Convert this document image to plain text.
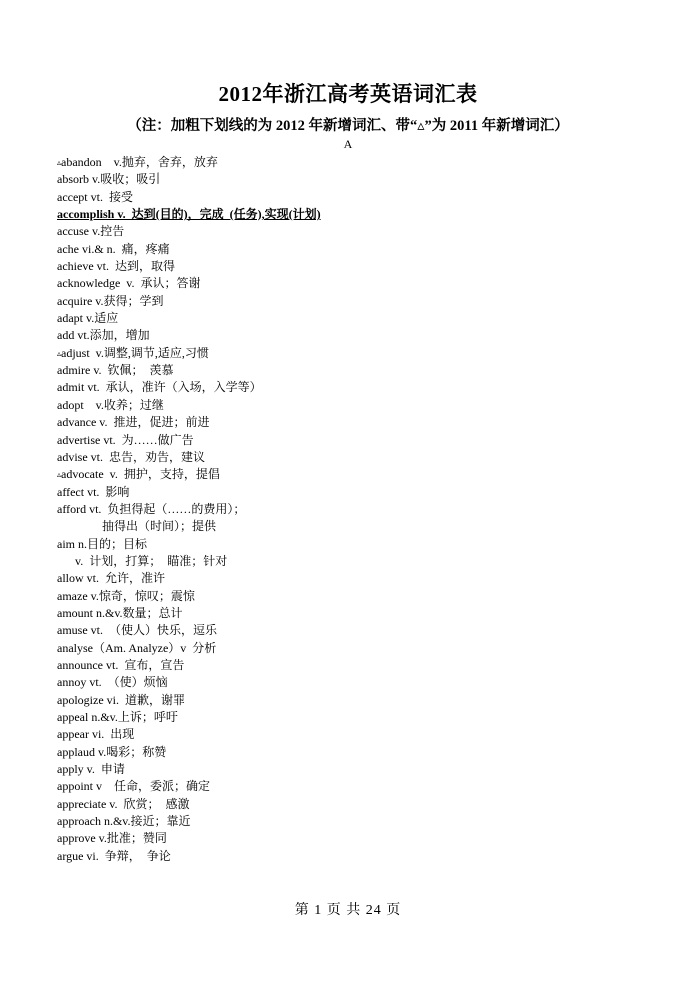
2012年浙江高考英语词汇表
（注：加粗下划线的为 2012 年新增词汇、带“▵”为 2011 年新增词汇）
A
▵abandon    v.抛弃，舍弃，放弃
absorb v.吸收；吸引
accept vt.  接受
accomplish v.  达到(目的)，完成  (任务),实现(计划)
accuse v.控告
ache vi.& n.  痛，疼痛
achieve vt.  达到，取得
acknowledge  v.  承认；答谢
acquire v.获得；学到
adapt v.适应
add vt.添加，增加
▵adjust  v.调整,调节,适应,习惯
admire v.  钦佩；  羡慕
admit vt.  承认，准许（入场，入学等）
adopt    v.收养；过继
advance v.  推进，促进；前进
advertise vt.  为……做广告
advise vt.  忠告，劝告，建议
▵advocate  v.  拥护，支持，提倡
affect vt.  影响
afford vt.  负担得起（……的费用）；
抽得出（时间）；提供
aim n.目的；目标
v.  计划，打算；  瞄准；针对
allow vt.  允许，准许
amaze v.惊奇，惊叹；震惊
amount n.&v.数量；总计
amuse vt.  （使人）快乐，逗乐
analyse（Am. Analyze）v  分析
announce vt.  宣布，宣告
annoy vt.  （使）烦恼
apologize vi.  道歉，谢罪
appeal n.&v.上诉；呼吁
appear vi.  出现
applaud v.喝彩；称赞
apply v.  申请
appoint v    任命，委派；确定
appreciate v.  欣赏；  感激
approach n.&v.接近；靠近
approve v.批准；赞同
argue vi.  争辩，  争论
第 1 页 共 24 页
